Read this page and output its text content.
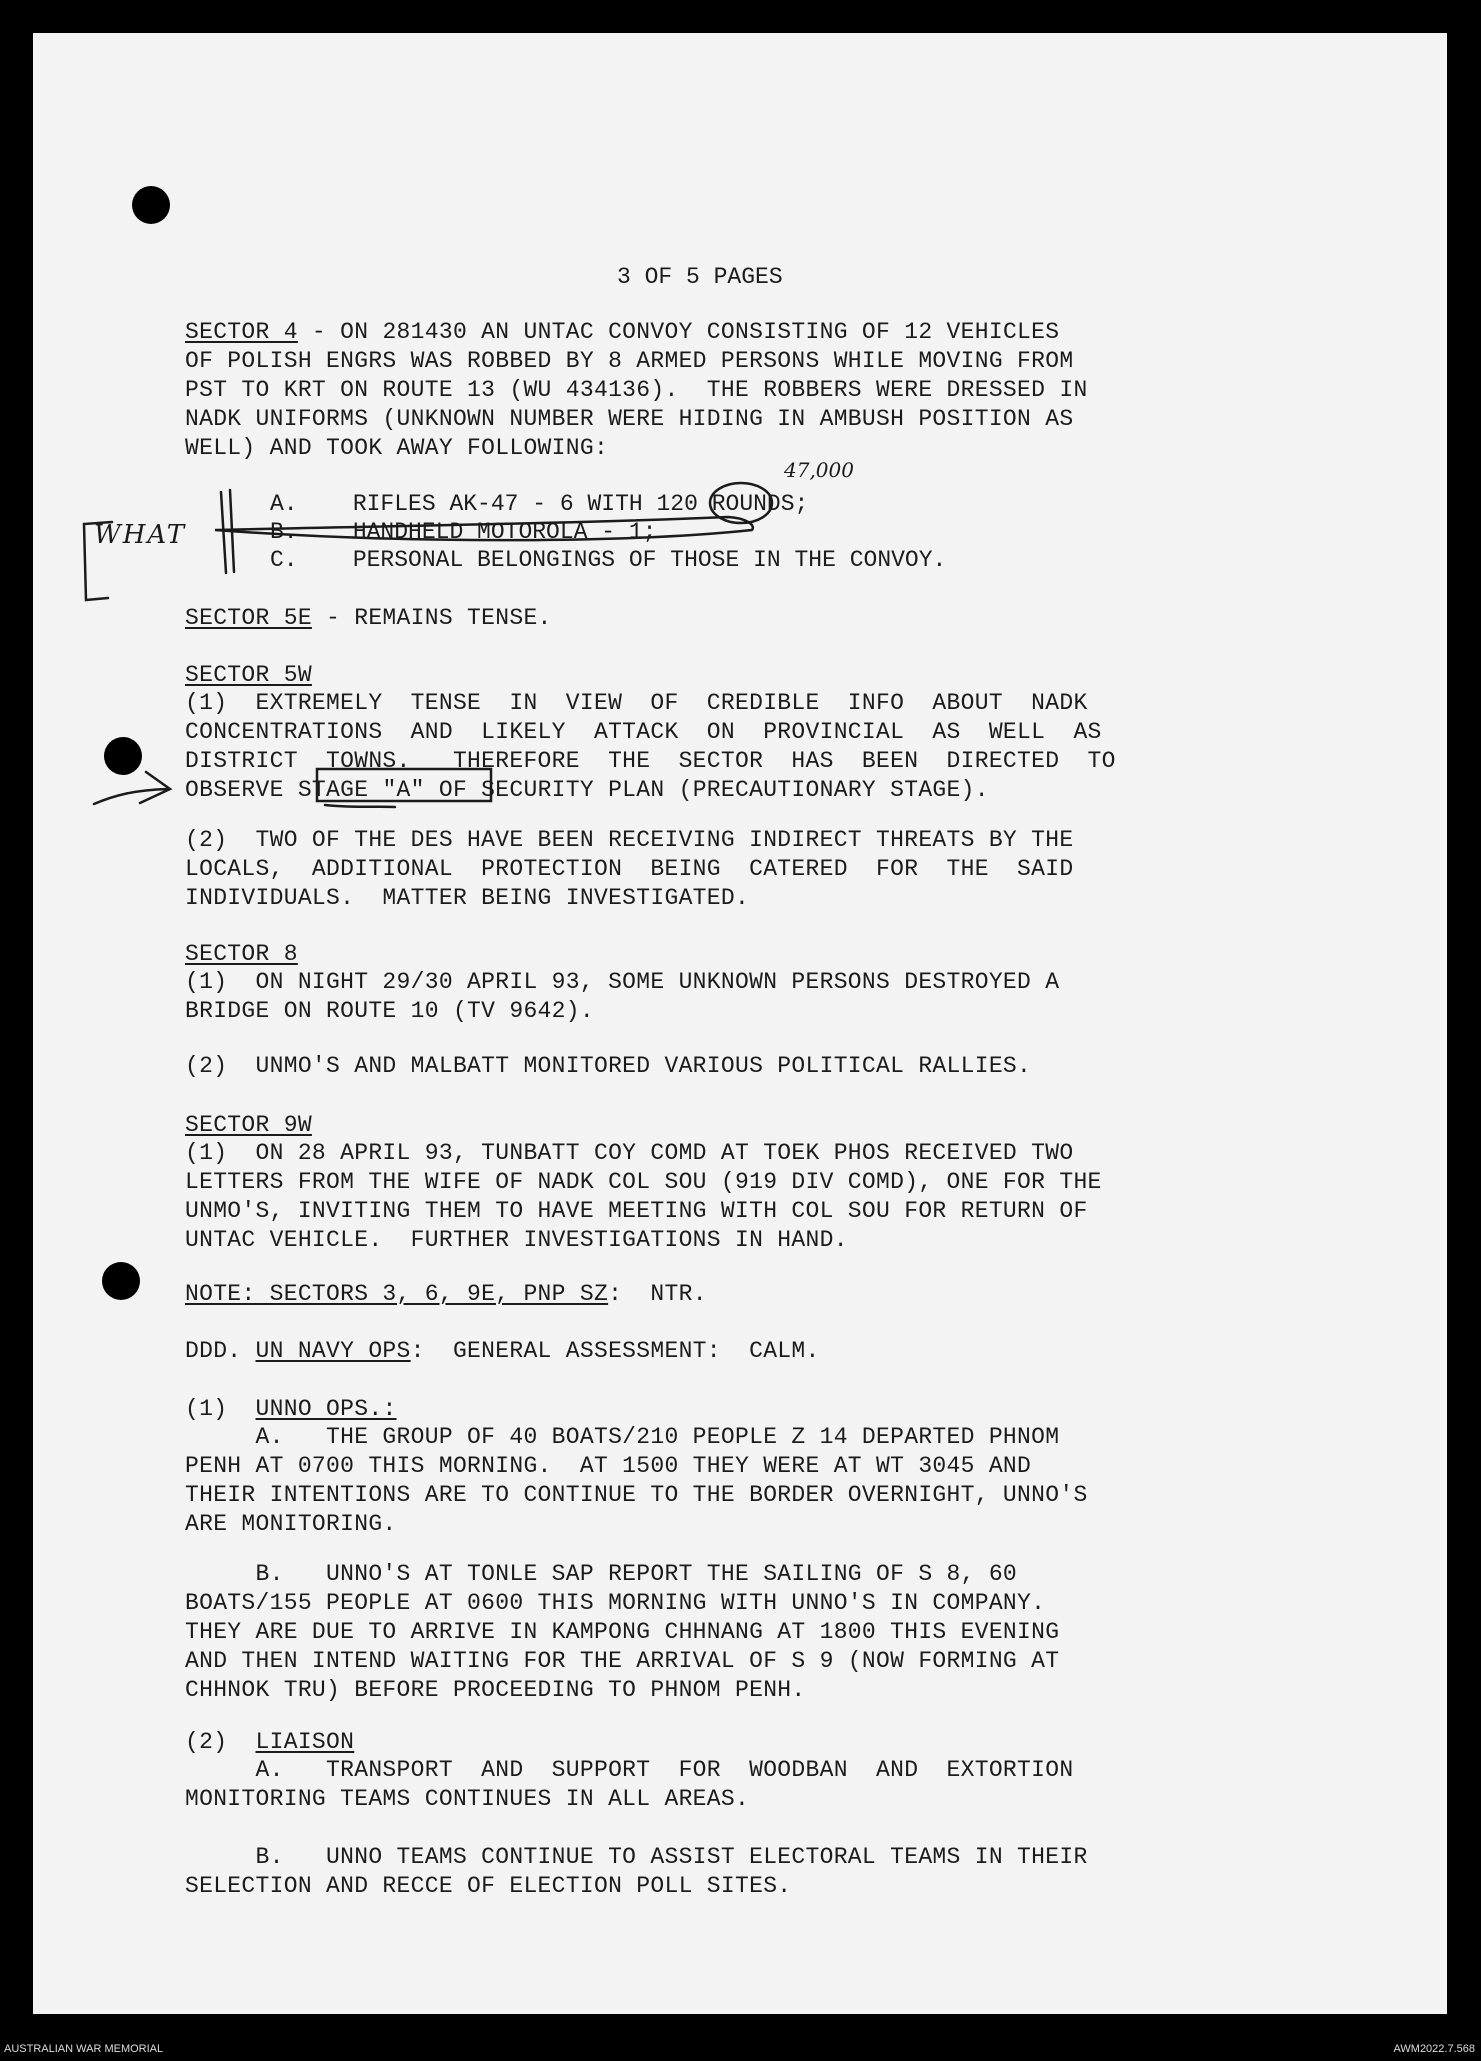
3 OF 5 PAGES

SECTOR 4 - ON 281430 AN UNTAC CONVOY CONSISTING OF 12 VEHICLES
OF POLISH ENGRS WAS ROBBED BY 8 ARMED PERSONS WHILE MOVING FROM
PST TO KRT ON ROUTE 13 (WU 434136).  THE ROBBERS WERE DRESSED IN
NADK UNIFORMS (UNKNOWN NUMBER WERE HIDING IN AMBUSH POSITION AS
WELL) AND TOOK AWAY FOLLOWING:

A. RIFLES AK-47 - 6 WITH 120 ROUNDS;
B. HANDHELD MOTOROLA - 1;
C. PERSONAL BELONGINGS OF THOSE IN THE CONVOY.
47,000
WHAT

SECTOR 5E - REMAINS TENSE.

SECTOR 5W

(1)  EXTREMELY  TENSE  IN  VIEW  OF  CREDIBLE  INFO  ABOUT  NADK
CONCENTRATIONS  AND  LIKELY  ATTACK  ON  PROVINCIAL  AS  WELL  AS
DISTRICT  TOWNS.   THEREFORE  THE  SECTOR  HAS  BEEN  DIRECTED  TO
OBSERVE STAGE "A" OF SECURITY PLAN (PRECAUTIONARY STAGE).

(2)  TWO OF THE DES HAVE BEEN RECEIVING INDIRECT THREATS BY THE
LOCALS,  ADDITIONAL  PROTECTION  BEING  CATERED  FOR  THE  SAID
INDIVIDUALS.  MATTER BEING INVESTIGATED.

SECTOR 8

(1)  ON NIGHT 29/30 APRIL 93, SOME UNKNOWN PERSONS DESTROYED A
BRIDGE ON ROUTE 10 (TV 9642).

(2)  UNMO'S AND MALBATT MONITORED VARIOUS POLITICAL RALLIES.

SECTOR 9W

(1)  ON 28 APRIL 93, TUNBATT COY COMD AT TOEK PHOS RECEIVED TWO
LETTERS FROM THE WIFE OF NADK COL SOU (919 DIV COMD), ONE FOR THE
UNMO'S, INVITING THEM TO HAVE MEETING WITH COL SOU FOR RETURN OF
UNTAC VEHICLE.  FURTHER INVESTIGATIONS IN HAND.

NOTE: SECTORS 3, 6, 9E, PNP SZ:  NTR.

DDD. UN NAVY OPS:  GENERAL ASSESSMENT:  CALM.

(1)  UNNO OPS.:

A.   THE GROUP OF 40 BOATS/210 PEOPLE Z 14 DEPARTED PHNOM
PENH AT 0700 THIS MORNING.  AT 1500 THEY WERE AT WT 3045 AND
THEIR INTENTIONS ARE TO CONTINUE TO THE BORDER OVERNIGHT, UNNO'S
ARE MONITORING.

B.   UNNO'S AT TONLE SAP REPORT THE SAILING OF S 8, 60
BOATS/155 PEOPLE AT 0600 THIS MORNING WITH UNNO'S IN COMPANY.
THEY ARE DUE TO ARRIVE IN KAMPONG CHHNANG AT 1800 THIS EVENING
AND THEN INTEND WAITING FOR THE ARRIVAL OF S 9 (NOW FORMING AT
CHHNOK TRU) BEFORE PROCEEDING TO PHNOM PENH.

(2)  LIAISON

A.   TRANSPORT  AND  SUPPORT  FOR  WOODBAN  AND  EXTORTION
MONITORING TEAMS CONTINUES IN ALL AREAS.

B.   UNNO TEAMS CONTINUE TO ASSIST ELECTORAL TEAMS IN THEIR
SELECTION AND RECCE OF ELECTION POLL SITES.

AUSTRALIAN WAR MEMORIAL	AWM2022.7.568
